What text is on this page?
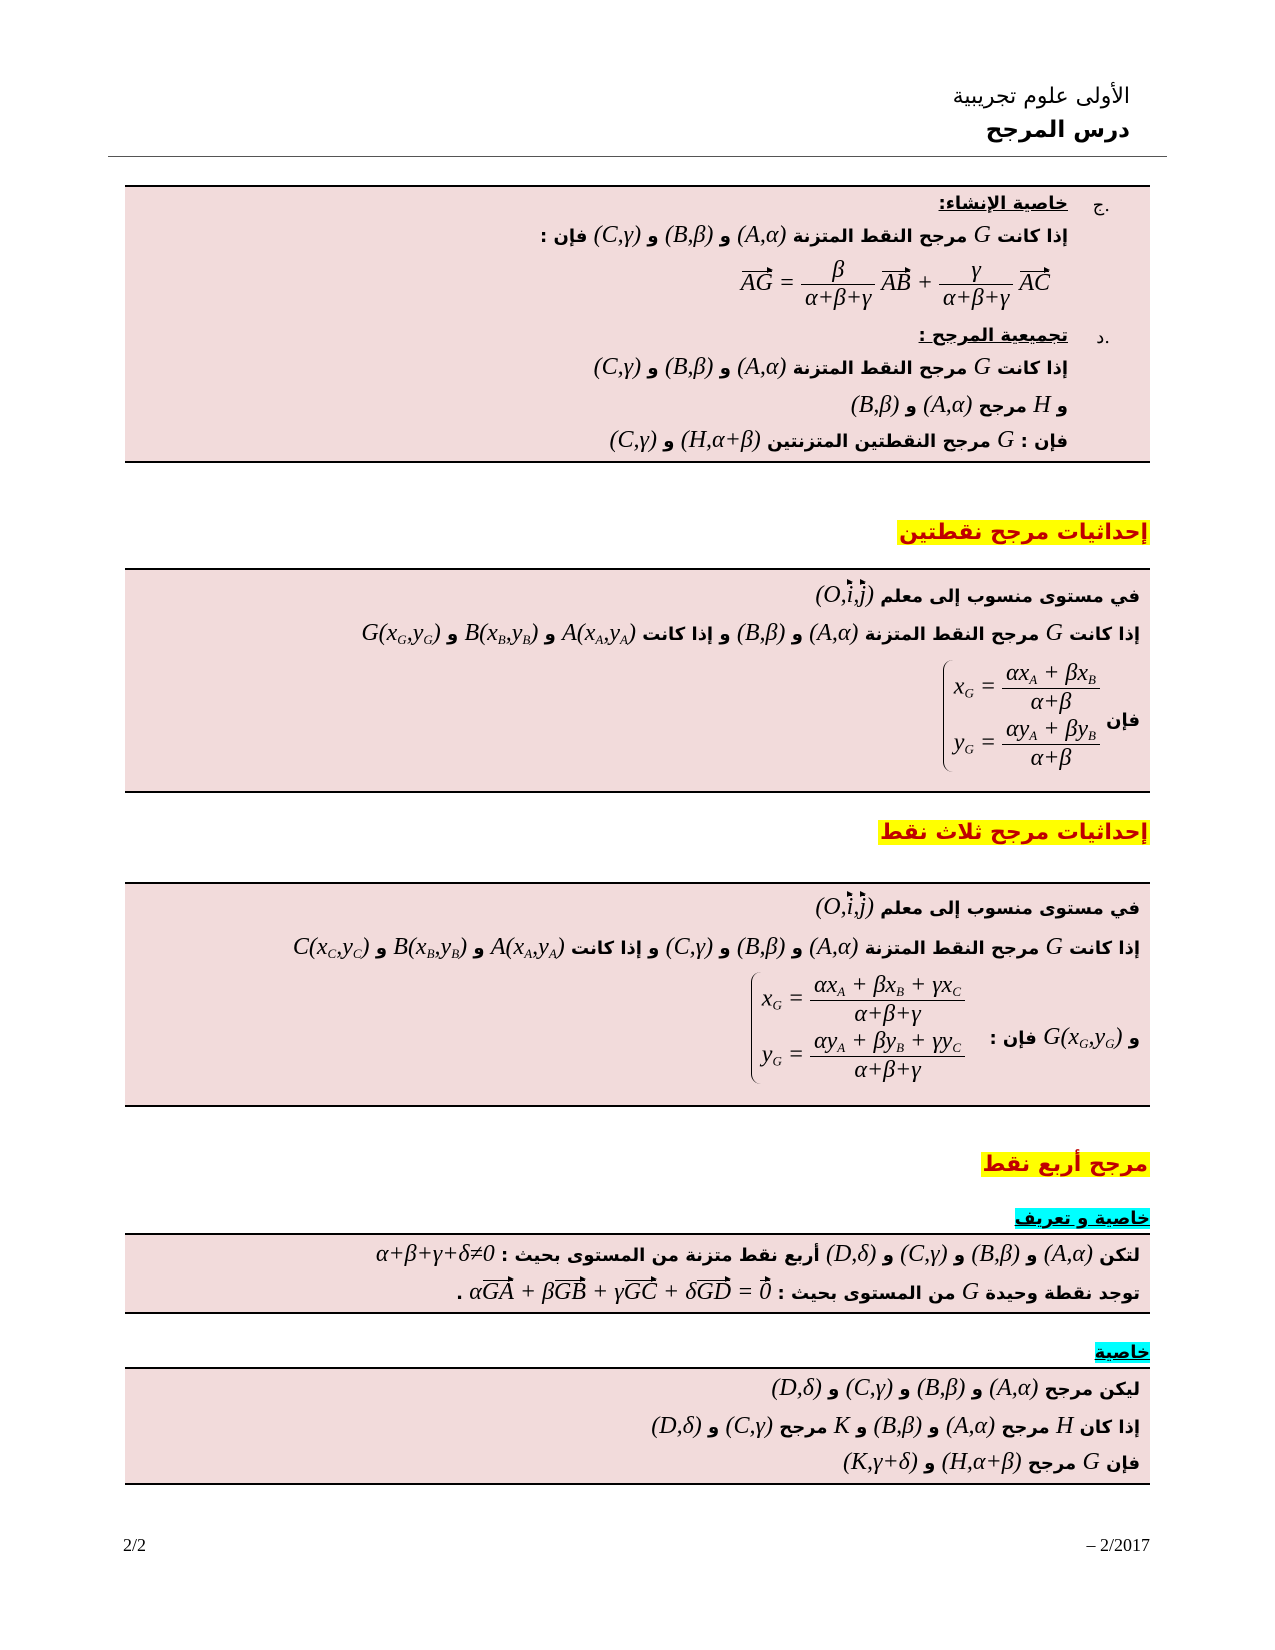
الأولى علوم تجريبية
درس المرجح
ج.
خاصية الإنشاء:
إذا كانت G مرجح النقط المتزنة (A,α) و (B,β) و (C,γ) فإن :
AG = $\frac{\beta}{\alpha+\beta+\gamma}$ AB + $\frac{\gamma}{\alpha+\beta+\gamma}$ AC
د.
تجميعية المرجح :
إذا كانت G مرجح النقط المتزنة (A,α) و (B,β) و (C,γ)
و H مرجح (A,α) و (B,β)
فإن : G مرجح النقطتين المتزنتين (H,α+β) و (C,γ)
إحداثيات مرجح نقطتين
في مستوى منسوب إلى معلم (O,i,j)
إذا كانت G مرجح النقط المتزنة (A,α) و (B,β) و إذا كانت $A(x_A,y_A)$ و $B(x_B,y_B)$ و $G(x_G,y_G)$
فإن
$x_G = \frac{\alpha x_A + \beta x_B}{\alpha+\beta}$
$y_G = \frac{\alpha y_A + \beta y_B}{\alpha+\beta}$
إحداثيات مرجح ثلاث نقط
في مستوى منسوب إلى معلم (O,i,j)
إذا كانت G مرجح النقط المتزنة (A,α) و (B,β) و (C,γ) و إذا كانت $A(x_A,y_A)$ و $B(x_B,y_B)$ و $C(x_C,y_C)$
و $G(x_G,y_G)$ فإن :
$x_G = \frac{\alpha x_A + \beta x_B + \gamma x_C}{\alpha+\beta+\gamma}$
$y_G = \frac{\alpha y_A + \beta y_B + \gamma y_C}{\alpha+\beta+\gamma}$
مرجح أربع نقط
خاصية و تعريف
لتكن (A,α) و (B,β) و (C,γ) و (D,δ) أربع نقط متزنة من المستوى بحيث : α+β+γ+δ≠0
توجد نقطة وحيدة G من المستوى بحيث : αGA + βGB + γGC + δGD = 0 .
خاصية
ليكن مرجح (A,α) و (B,β) و (C,γ) و (D,δ)
إذا كان H مرجح (A,α) و (B,β) و K مرجح (C,γ) و (D,δ)
فإن G مرجح (H,α+β) و (K,γ+δ)
2/2	– 2/2017
